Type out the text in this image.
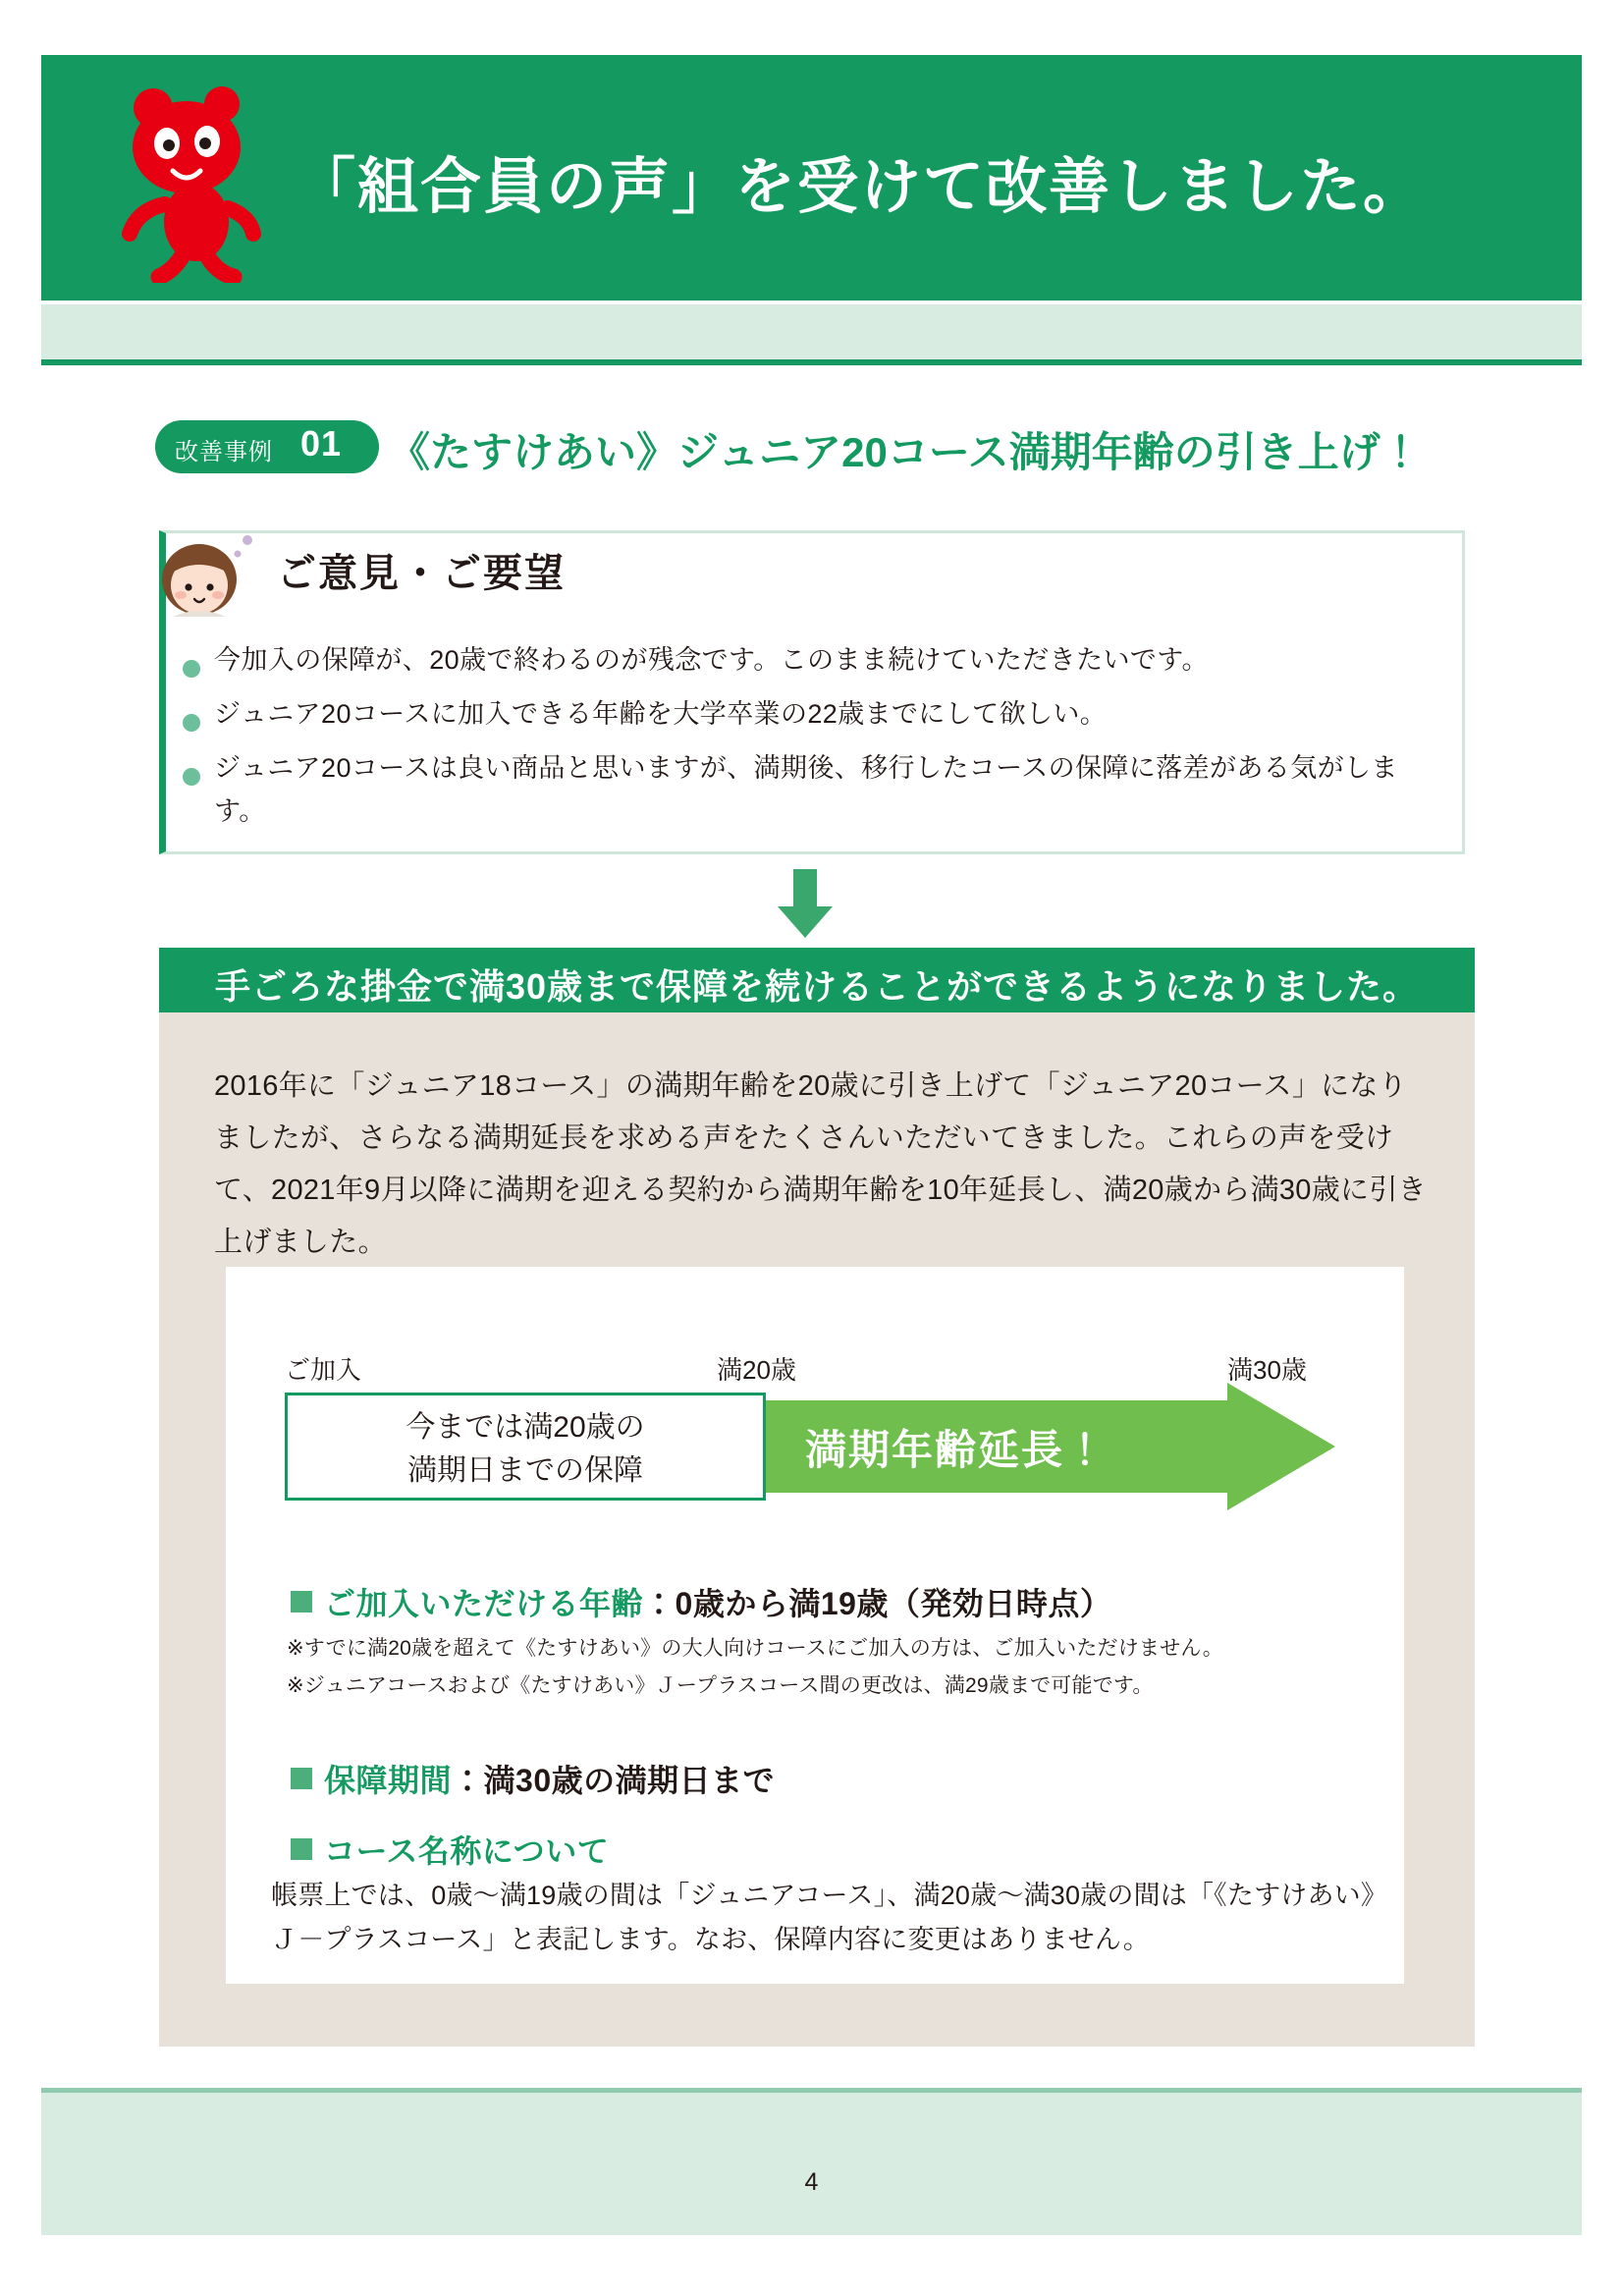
「組合員の声」を受けて改善しました。
改善事例 01 《たすけあい》ジュニア20コース満期年齢の引き上げ！
ご意見・ご要望
今加入の保障が、20歳で終わるのが残念です。このまま続けていただきたいです。
ジュニア20コースに加入できる年齢を大学卒業の22歳までにして欲しい。
ジュニア20コースは良い商品と思いますが、満期後、移行したコースの保障に落差がある気がします。
手ごろな掛金で満30歳まで保障を続けることができるようになりました。
2016年に「ジュニア18コース」の満期年齢を20歳に引き上げて「ジュニア20コース」になりましたが、さらなる満期延長を求める声をたくさんいただいてきました。これらの声を受けて、2021年9月以降に満期を迎える契約から満期年齢を10年延長し、満20歳から満30歳に引き上げました。
ご加入	満20歳	満30歳
今までは満20歳の
満期日までの保障	満期年齢延長！
ご加入いただける年齢：0歳から満19歳（発効日時点）
※すでに満20歳を超えて《たすけあい》の大人向けコースにご加入の方は、ご加入いただけません。
※ジュニアコースおよび《たすけあい》Ｊープラスコース間の更改は、満29歳まで可能です。
保障期間：満30歳の満期日まで
コース名称について
帳票上では、0歳～満19歳の間は「ジュニアコース」、満20歳～満30歳の間は「《たすけあい》Ｊ－プラスコース」と表記します。なお、保障内容に変更はありません。
4
